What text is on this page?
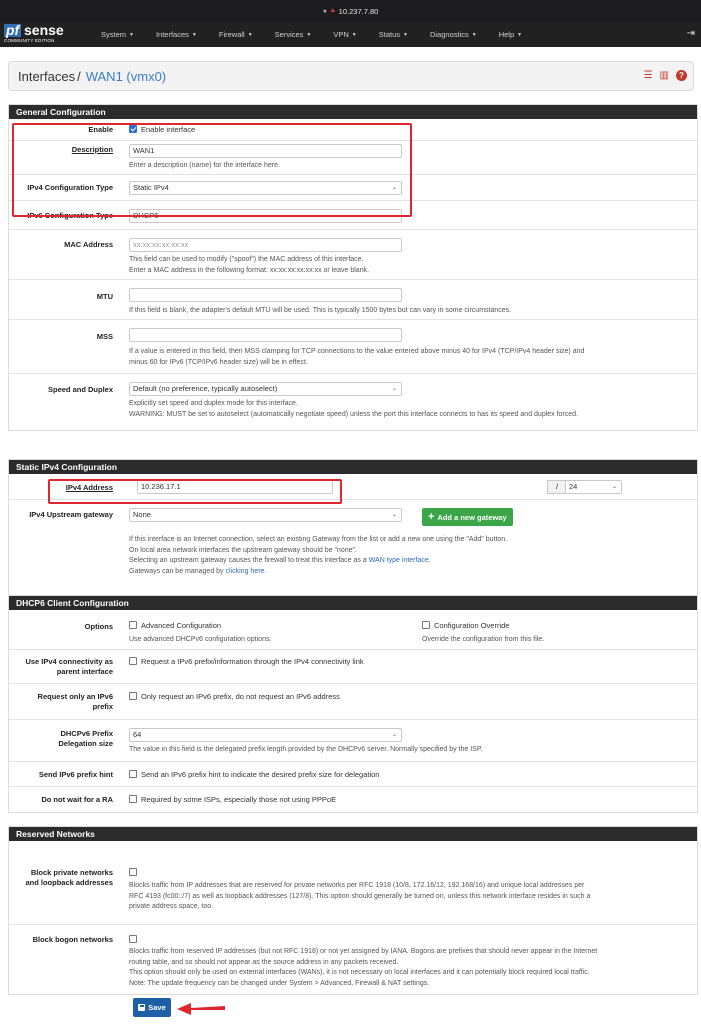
● 🔒︎ 10.237.7.80
pf sense
COMMUNITY EDITION
System ▼	Interfaces ▼	Firewall ▼	Services ▼	VPN ▼	Status ▼	Diagnostics ▼	Help ▼	⇥
Interfaces / WAN1 (vmx0)	☰ ▥	?
General Configuration
Enable	Enable interface
Description	WAN1
Enter a description (name) for the interface here.
IPv4 Configuration Type	Static IPv4	⌄
IPv6 Configuration Type	DHCP6	⌄
MAC Address	xx:xx:xx:xx:xx:xx
This field can be used to modify ("spoof") the MAC address of this interface.
Enter a MAC address in the following format: xx:xx:xx:xx:xx:xx or leave blank.
MTU
If this field is blank, the adapter's default MTU will be used. This is typically 1500 bytes but can vary in some circumstances.
MSS
If a value is entered in this field, then MSS clamping for TCP connections to the value entered above minus 40 for IPv4 (TCP/IPv4 header size) and
minus 60 for IPv6 (TCP/IPv6 header size) will be in effect.
Speed and Duplex	Default (no preference, typically autoselect)	⌄
Explicitly set speed and duplex mode for this interface.
WARNING: MUST be set to autoselect (automatically negotiate speed) unless the port this interface connects to has its speed and duplex forced.
Static IPv4 Configuration
IPv4 Address	10.236.17.1	/	24	⌄
IPv4 Upstream gateway	None	⌄	+ Add a new gateway
If this interface is an Internet connection, select an existing Gateway from the list or add a new one using the "Add" button.
On local area network interfaces the upstream gateway should be "none".
Selecting an upstream gateway causes the firewall to treat this interface as a WAN type interface.
Gateways can be managed by clicking here.
DHCP6 Client Configuration
Options	Advanced Configuration
Use advanced DHCPv6 configuration options.
Configuration Override
Override the configuration from this file.
Use IPv4 connectivity as
parent interface
Request a IPv6 prefix/information through the IPv4 connectivity link
Request only an IPv6
prefix
Only request an IPv6 prefix, do not request an IPv6 address
DHCPv6 Prefix
Delegation size
64	⌄
The value in this field is the delegated prefix length provided by the DHCPv6 server. Normally specified by the ISP.
Send IPv6 prefix hint	Send an IPv6 prefix hint to indicate the desired prefix size for delegation
Do not wait for a RA	Required by some ISPs, especially those not using PPPoE
Reserved Networks
Block private networks
and loopback addresses Blocks traffic from IP addresses that are reserved for private networks per RFC 1918 (10/8, 172.16/12, 192.168/16) and unique local addresses per
RFC 4193 (fc00::/7) as well as loopback addresses (127/8). This option should generally be turned on, unless this network interface resides in such a
private address space, too.
Block bogon networks
Blocks traffic from reserved IP addresses (but not RFC 1918) or not yet assigned by IANA. Bogons are prefixes that should never appear in the Internet
routing table, and so should not appear as the source address in any packets received.
This option should only be used on external interfaces (WANs), it is not necessary on local interfaces and it can potentially block required local traffic.
Note: The update frequency can be changed under System > Advanced, Firewall & NAT settings.
Save
